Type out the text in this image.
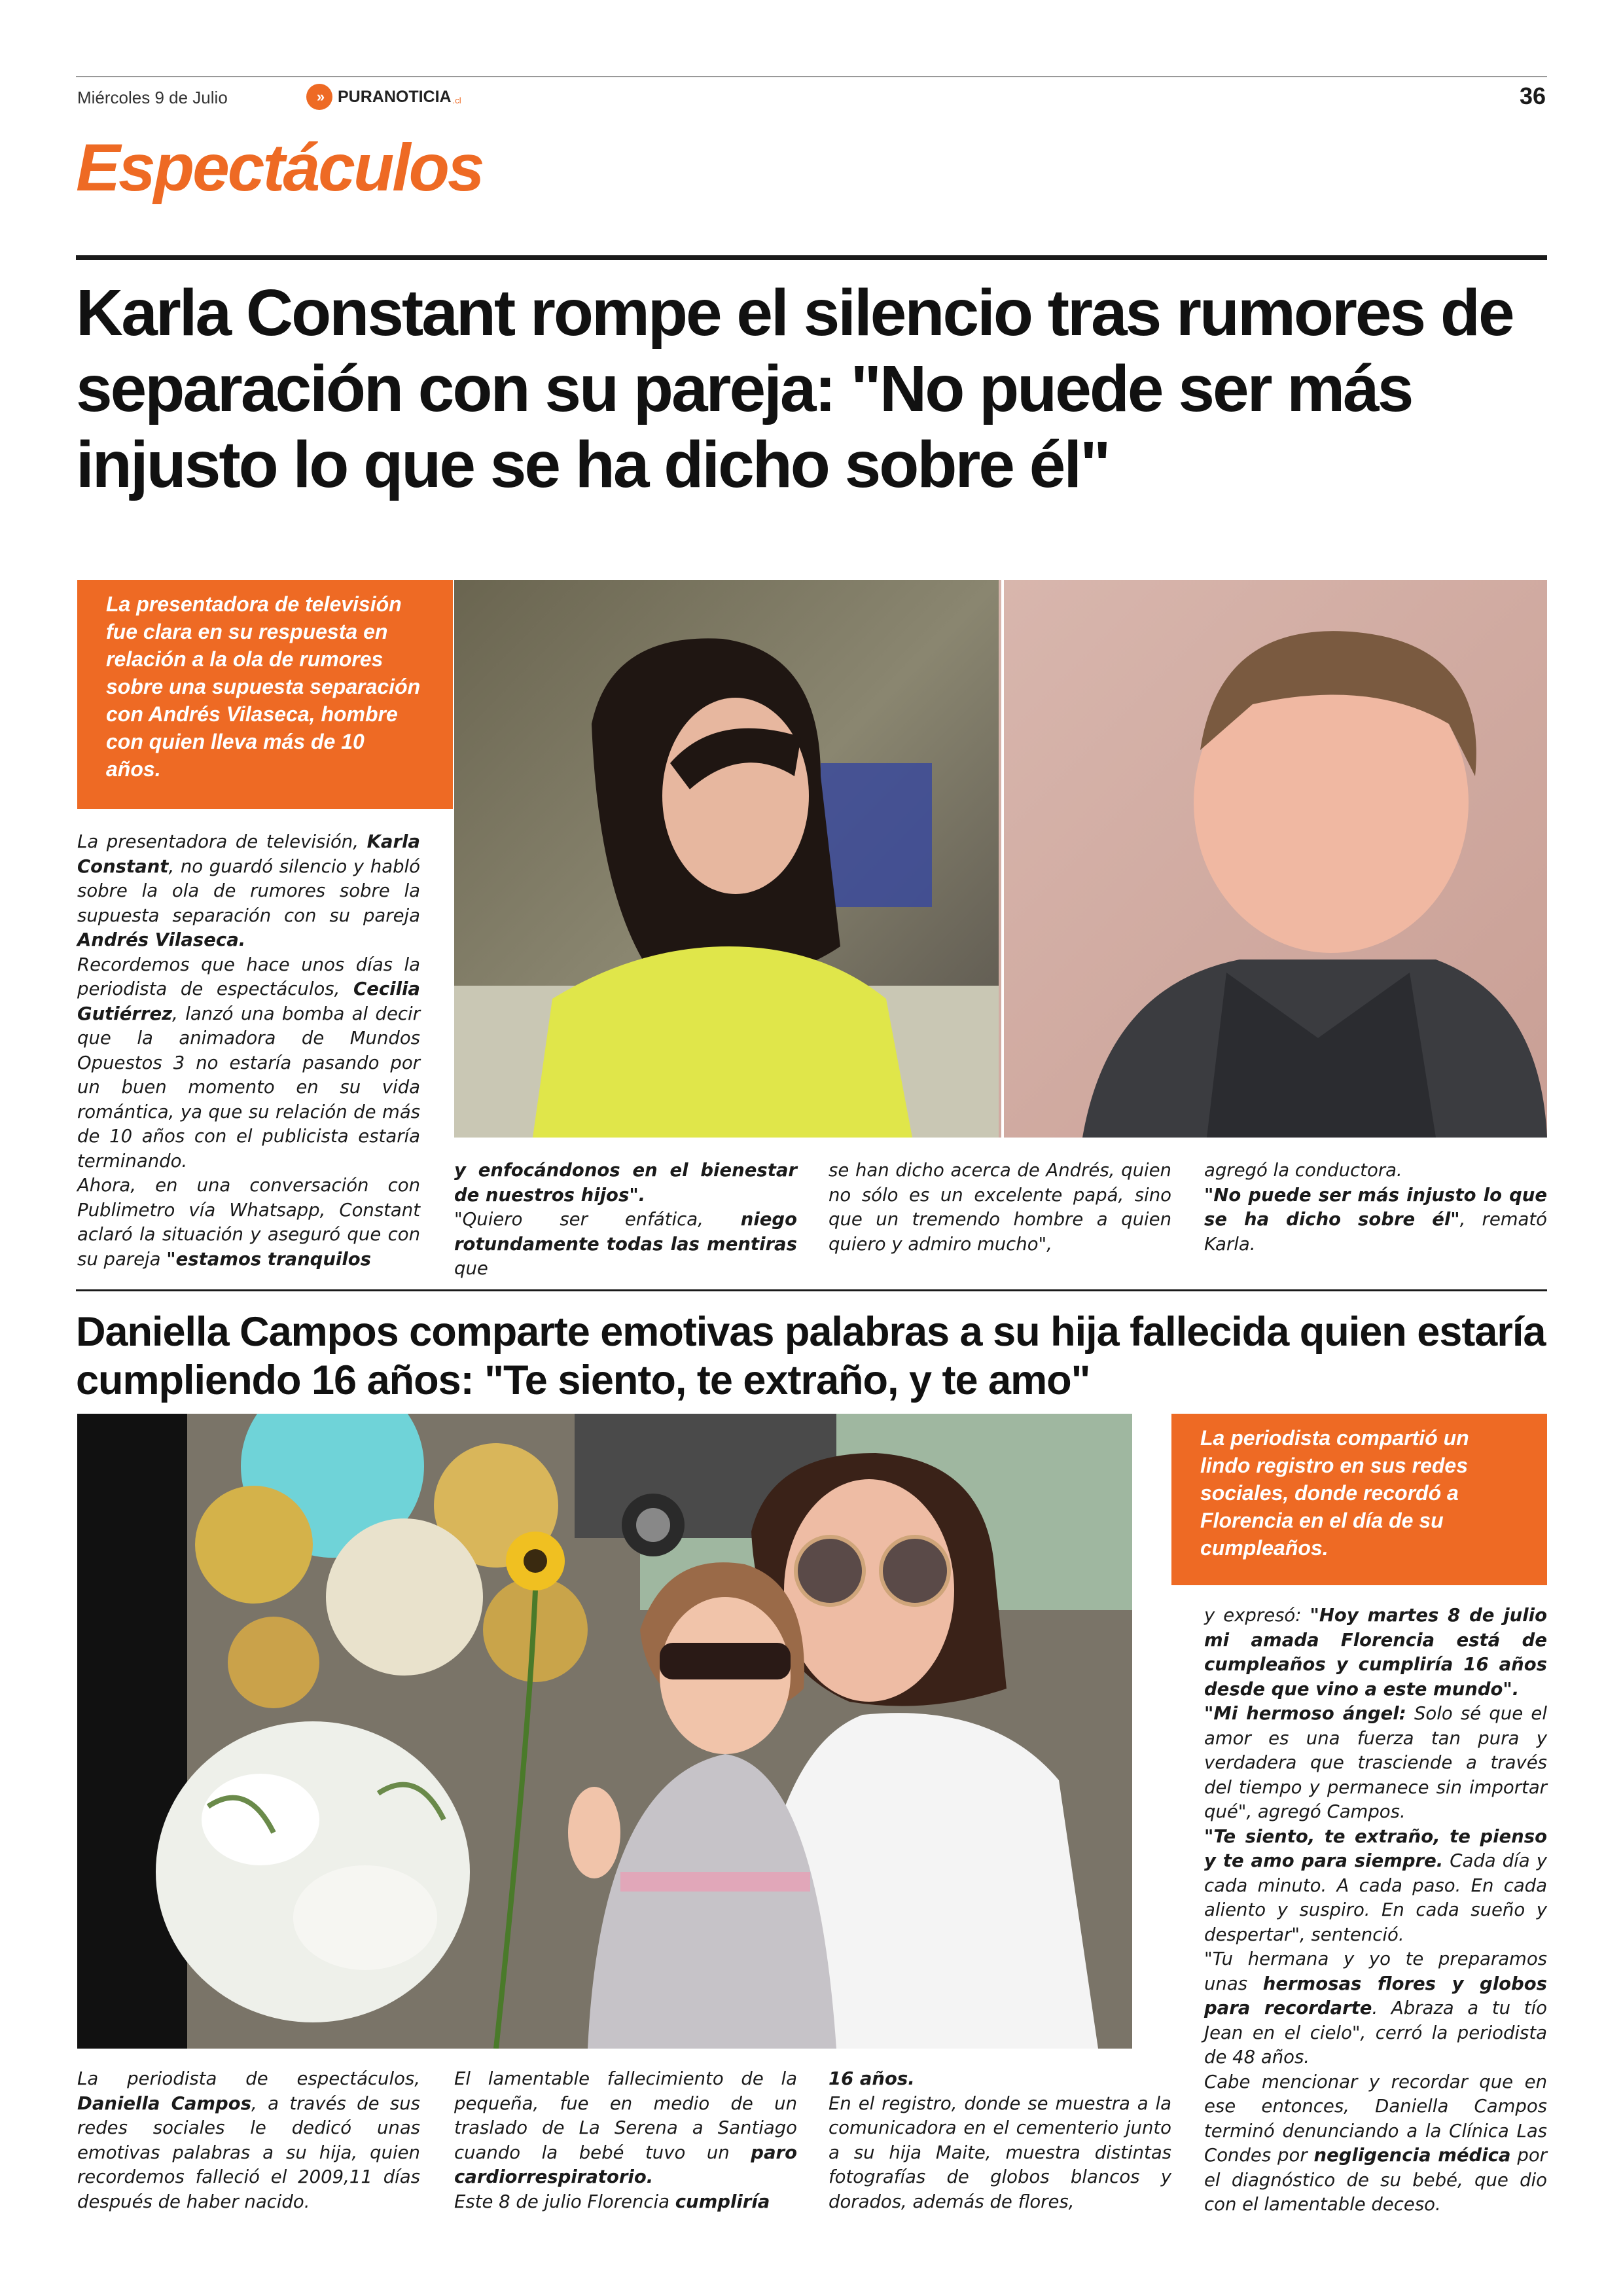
Miércoles 9 de Julio	» PURANOTICIA .cl	36
Espectáculos
Karla Constant rompe el silencio tras rumores de separación con su pareja: "No puede ser más injusto lo que se ha dicho sobre él"
La presentadora de televisión fue clara en su respuesta en relación a la ola de rumores sobre una supuesta separación con Andrés Vilaseca, hombre con quien lleva más de 10 años.

La presentadora de televisión, Karla Constant, no guardó silencio y habló sobre la ola de rumores sobre la supuesta separación con su pareja Andrés Vilaseca.

Recordemos que hace unos días la periodista de espectáculos, Cecilia Gutiérrez, lanzó una bomba al decir que la animadora de Mundos Opuestos 3 no estaría pasando por un buen momento en su vida romántica, ya que su relación de más de 10 años con el publicista estaría terminando.

Ahora, en una conversación con Publimetro vía Whatsapp, Constant aclaró la situación y aseguró que con su pareja "estamos tranquilos

y enfocándonos en el bienestar de nuestros hijos".

"Quiero ser enfática, niego rotundamente todas las mentiras que

se han dicho acerca de Andrés, quien no sólo es un excelente papá, sino que un tremendo hombre a quien quiero y admiro mucho",

agregó la conductora.

"No puede ser más injusto lo que se ha dicho sobre él", remató Karla.

Daniella Campos comparte emotivas palabras a su hija fallecida quien estaría cumpliendo 16 años: "Te siento, te extraño, y te amo"
La periodista compartió un lindo registro en sus redes sociales, donde recordó a Florencia en el día de su cumpleaños.

La periodista de espectáculos, Daniella Campos, a través de sus redes sociales le dedicó unas emotivas palabras a su hija, quien recordemos falleció el 2009,11 días después de haber nacido.

El lamentable fallecimiento de la pequeña, fue en medio de un traslado de La Serena a Santiago cuando la bebé tuvo un paro cardiorrespiratorio.

Este 8 de julio Florencia cumpliría

16 años.

En el registro, donde se muestra a la comunicadora en el cementerio junto a su hija Maite, muestra distintas fotografías de globos blancos y dorados, además de flores,

y expresó: "Hoy martes 8 de julio mi amada Florencia está de cumpleaños y cumpliría 16 años desde que vino a este mundo".

"Mi hermoso ángel: Solo sé que el amor es una fuerza tan pura y verdadera que trasciende a través del tiempo y permanece sin importar qué", agregó Campos.

"Te siento, te extraño, te pienso y te amo para siempre. Cada día y cada minuto. A cada paso. En cada aliento y suspiro. En cada sueño y despertar", sentenció.

"Tu hermana y yo te preparamos unas hermosas flores y globos para recordarte. Abraza a tu tío Jean en el cielo", cerró la periodista de 48 años.

Cabe mencionar y recordar que en ese entonces, Daniella Campos terminó denunciando a la Clínica Las Condes por negligencia médica por el diagnóstico de su bebé, que dio con el lamentable deceso.
